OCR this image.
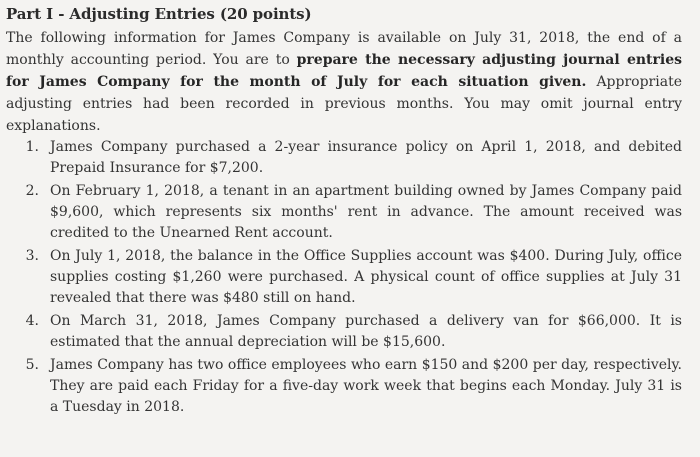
Part I - Adjusting Entries (20 points)

The following information for James Company is available on July 31, 2018, the end of a monthly accounting period. You are to prepare the necessary adjusting journal entries for James Company for the month of July for each situation given. Appropriate adjusting entries had been recorded in previous months. You may omit journal entry explanations.

1. James Company purchased a 2-year insurance policy on April 1, 2018, and debited Prepaid Insurance for $7,200.
2. On February 1, 2018, a tenant in an apartment building owned by James Company paid $9,600, which represents six months' rent in advance. The amount received was credited to the Unearned Rent account.
3. On July 1, 2018, the balance in the Office Supplies account was $400. During July, office supplies costing $1,260 were purchased. A physical count of office supplies at July 31 revealed that there was $480 still on hand.
4. On March 31, 2018, James Company purchased a delivery van for $66,000. It is estimated that the annual depreciation will be $15,600.
5. James Company has two office employees who earn $150 and $200 per day, respectively. They are paid each Friday for a five-day work week that begins each Monday. July 31 is a Tuesday in 2018.
